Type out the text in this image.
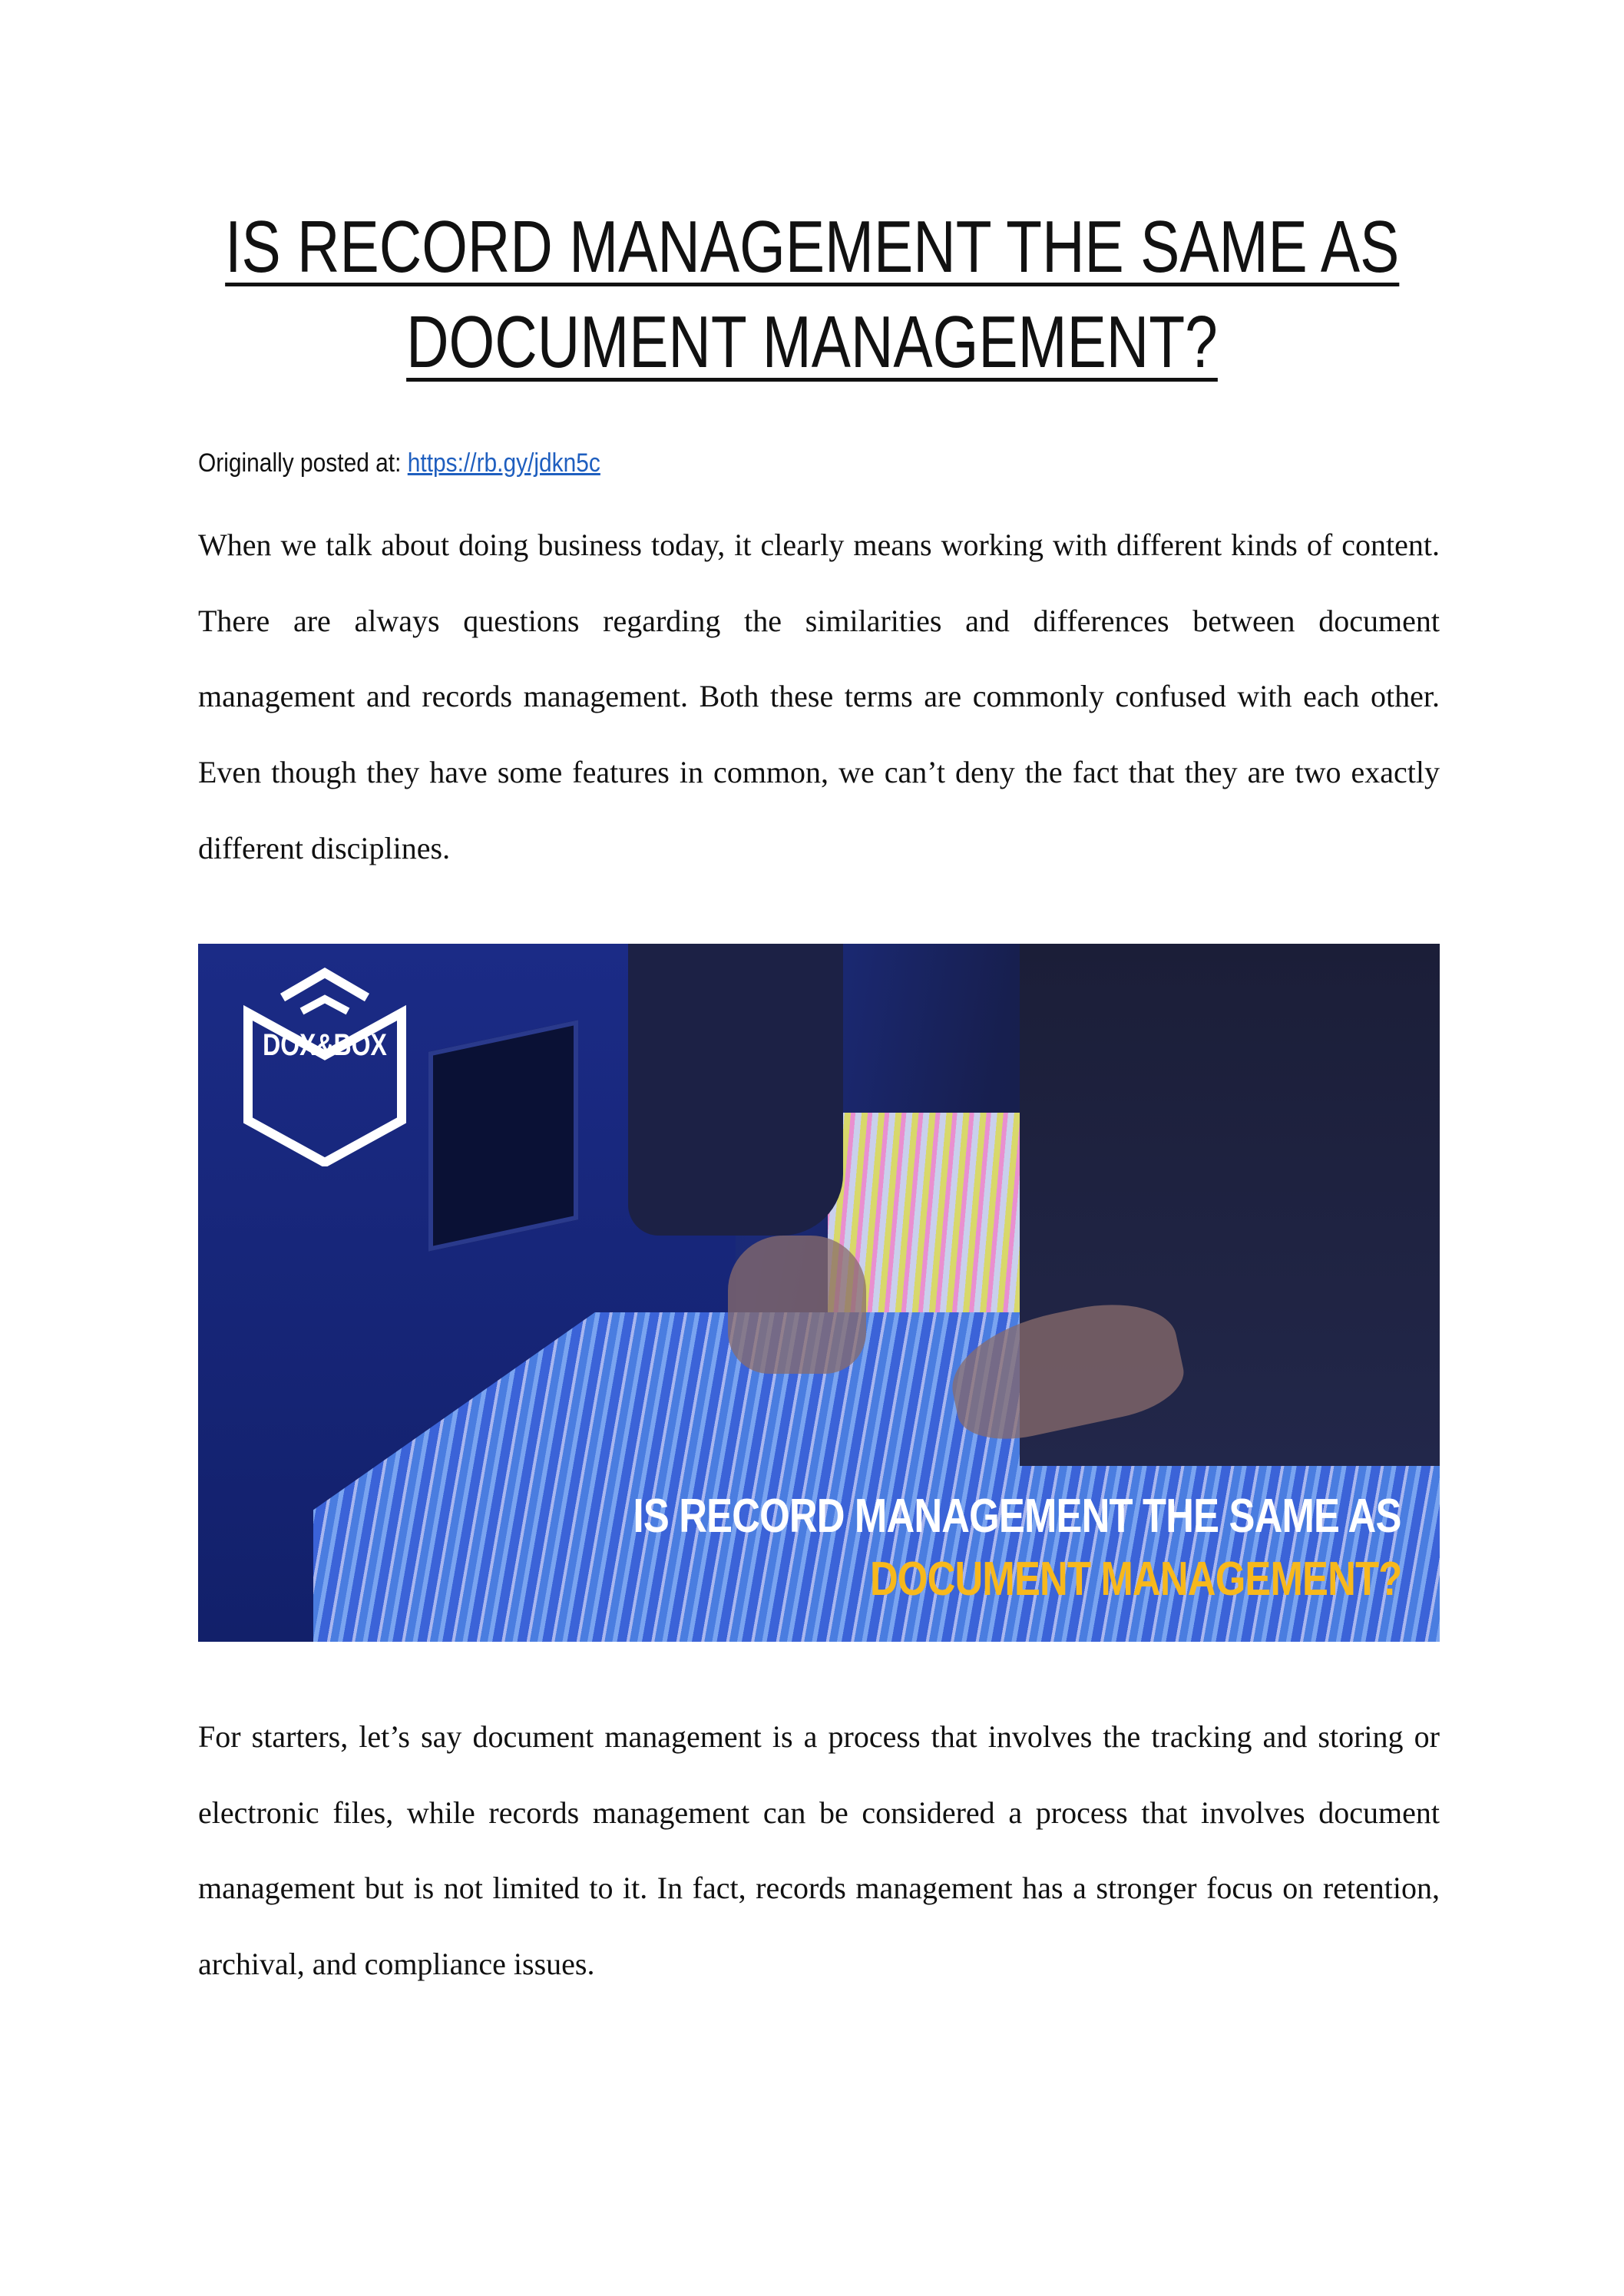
IS RECORD MANAGEMENT THE SAME AS
DOCUMENT MANAGEMENT?
Originally posted at: https://rb.gy/jdkn5c

When we talk about doing business today, it clearly means working with different kinds of content. There are always questions regarding the similarities and differences between document management and records management. Both these terms are commonly confused with each other. Even though they have some features in common, we can’t deny the fact that they are two exactly different disciplines.

DOX&BOX
IS RECORD MANAGEMENT THE SAME AS
DOCUMENT MANAGEMENT?

For starters, let’s say document management is a process that involves the tracking and storing or electronic files, while records management can be considered a process that involves document management but is not limited to it. In fact, records management has a stronger focus on retention, archival, and compliance issues.
